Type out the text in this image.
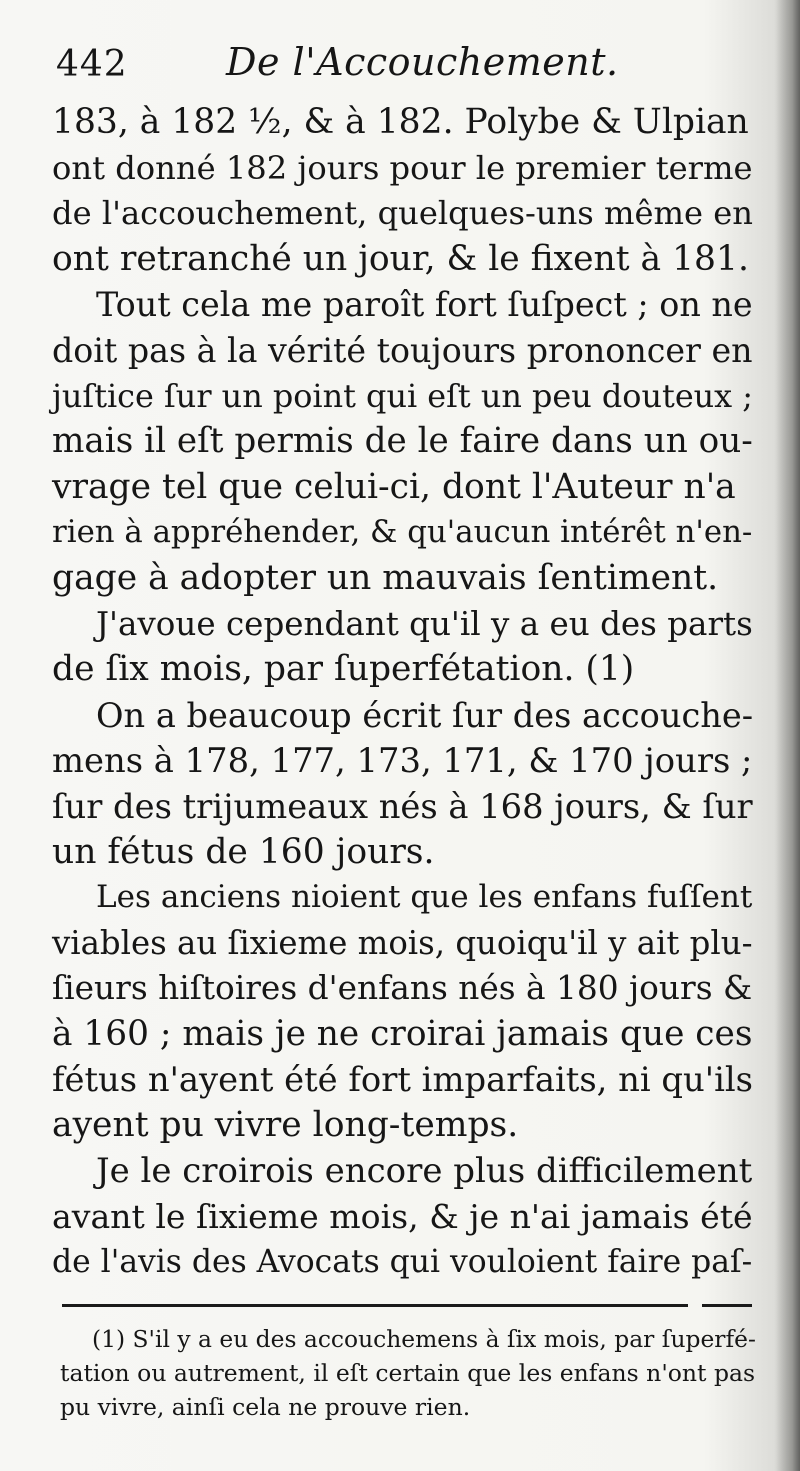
442	De l'Accouchement.
183, à 182 ½, & à 182. Polybe & Ulpian
ont donné 182 jours pour le premier terme
de l'accouchement, quelques-uns même en
ont retranché un jour, & le fixent à 181.
Tout cela me paroît fort ſuſpect ; on ne
doit pas à la vérité toujours prononcer en
juſtice ſur un point qui eſt un peu douteux ;
mais il eſt permis de le faire dans un ou-
vrage tel que celui-ci, dont l'Auteur n'a
rien à appréhender, & qu'aucun intérêt n'en-
gage à adopter un mauvais ſentiment.
J'avoue cependant qu'il y a eu des parts
de ſix mois, par ſuperfétation. (1)
On a beaucoup écrit ſur des accouche-
mens à 178, 177, 173, 171, & 170 jours ;
ſur des trijumeaux nés à 168 jours, & ſur
un fétus de 160 jours.
Les anciens nioient que les enfans fuſſent
viables au ſixieme mois, quoiqu'il y ait plu-
ſieurs hiſtoires d'enfans nés à 180 jours &
à 160 ; mais je ne croirai jamais que ces
fétus n'ayent été fort imparfaits, ni qu'ils
ayent pu vivre long-temps.
Je le croirois encore plus difficilement
avant le ſixieme mois, & je n'ai jamais été
de l'avis des Avocats qui vouloient faire paſ-
(1) S'il y a eu des accouchemens à ſix mois, par ſuperfé-
tation ou autrement, il eſt certain que les enfans n'ont pas
pu vivre, ainſi cela ne prouve rien.
